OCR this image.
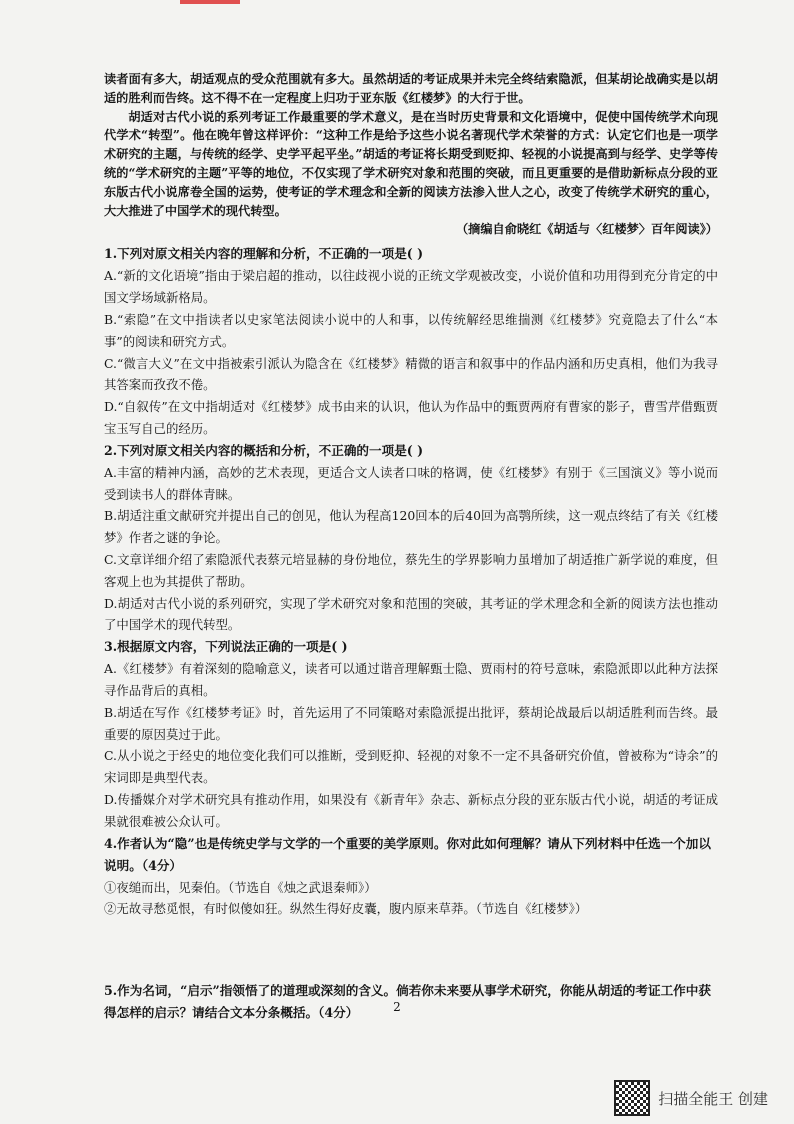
读者面有多大，胡适观点的受众范围就有多大。虽然胡适的考证成果并未完全终结索隐派，但某胡论战确实是以胡适的胜利而告终。这不得不在一定程度上归功于亚东版《红楼梦》的大行于世。

胡适对古代小说的系列考证工作最重要的学术意义，是在当时历史背景和文化语境中，促使中国传统学术向现代学术“转型”。他在晚年曾这样评价：“这种工作是给予这些小说名著现代学术荣誉的方式：认定它们也是一项学术研究的主题，与传统的经学、史学平起平坐。”胡适的考证将长期受到贬抑、轻视的小说提高到与经学、史学等传统的“学术研究的主题”平等的地位，不仅实现了学术研究对象和范围的突破，而且更重要的是借助新标点分段的亚东版古代小说席卷全国的运势，使考证的学术理念和全新的阅读方法渗入世人之心，改变了传统学术研究的重心，大大推进了中国学术的现代转型。

（摘编自俞晓红《胡适与〈红楼梦〉百年阅读》）

1.下列对原文相关内容的理解和分析，不正确的一项是( )

A.“新的文化语境”指由于梁启超的推动，以往歧视小说的正统文学观被改变，小说价值和功用得到充分肯定的中国文学场域新格局。

B.“索隐”在文中指读者以史家笔法阅读小说中的人和事，以传统解经思维揣测《红楼梦》究竟隐去了什么“本事”的阅读和研究方式。

C.“微言大义”在文中指被索引派认为隐含在《红楼梦》精微的语言和叙事中的作品内涵和历史真相，他们为我寻其答案而孜孜不倦。

D.“自叙传”在文中指胡适对《红楼梦》成书由来的认识，他认为作品中的甄贾两府有曹家的影子，曹雪芹借甄贾宝玉写自己的经历。

2.下列对原文相关内容的概括和分析，不正确的一项是( )

A.丰富的精神内涵，高妙的艺术表现，更适合文人读者口味的格调，使《红楼梦》有别于《三国演义》等小说而受到读书人的群体青睐。

B.胡适注重文献研究并提出自己的创见，他认为程高120回本的后40回为高鹗所续，这一观点终结了有关《红楼梦》作者之谜的争论。

C.文章详细介绍了索隐派代表蔡元培显赫的身份地位，蔡先生的学界影响力虽增加了胡适推广新学说的难度，但客观上也为其提供了帮助。

D.胡适对古代小说的系列研究，实现了学术研究对象和范围的突破，其考证的学术理念和全新的阅读方法也推动了中国学术的现代转型。

3.根据原文内容，下列说法正确的一项是( )

A.《红楼梦》有着深刻的隐喻意义，读者可以通过谐音理解甄士隐、贾雨村的符号意味，索隐派即以此种方法探寻作品背后的真相。

B.胡适在写作《红楼梦考证》时，首先运用了不同策略对索隐派提出批评，蔡胡论战最后以胡适胜利而告终。最重要的原因莫过于此。

C.从小说之于经史的地位变化我们可以推断，受到贬抑、轻视的对象不一定不具备研究价值，曾被称为“诗余”的宋词即是典型代表。

D.传播媒介对学术研究具有推动作用，如果没有《新青年》杂志、新标点分段的亚东版古代小说，胡适的考证成果就很难被公众认可。

4.作者认为“隐”也是传统史学与文学的一个重要的美学原则。你对此如何理解？请从下列材料中任选一个加以说明。（4分）

①夜缒而出，见秦伯。（节选自《烛之武退秦师》）

②无故寻愁觅恨，有时似傻如狂。纵然生得好皮囊，腹内原来草莽。（节选自《红楼梦》）

5.作为名词，“启示”指领悟了的道理或深刻的含义。倘若你未来要从事学术研究，你能从胡适的考证工作中获得怎样的启示？请结合文本分条概括。（4分）	2
扫描全能王 创建
